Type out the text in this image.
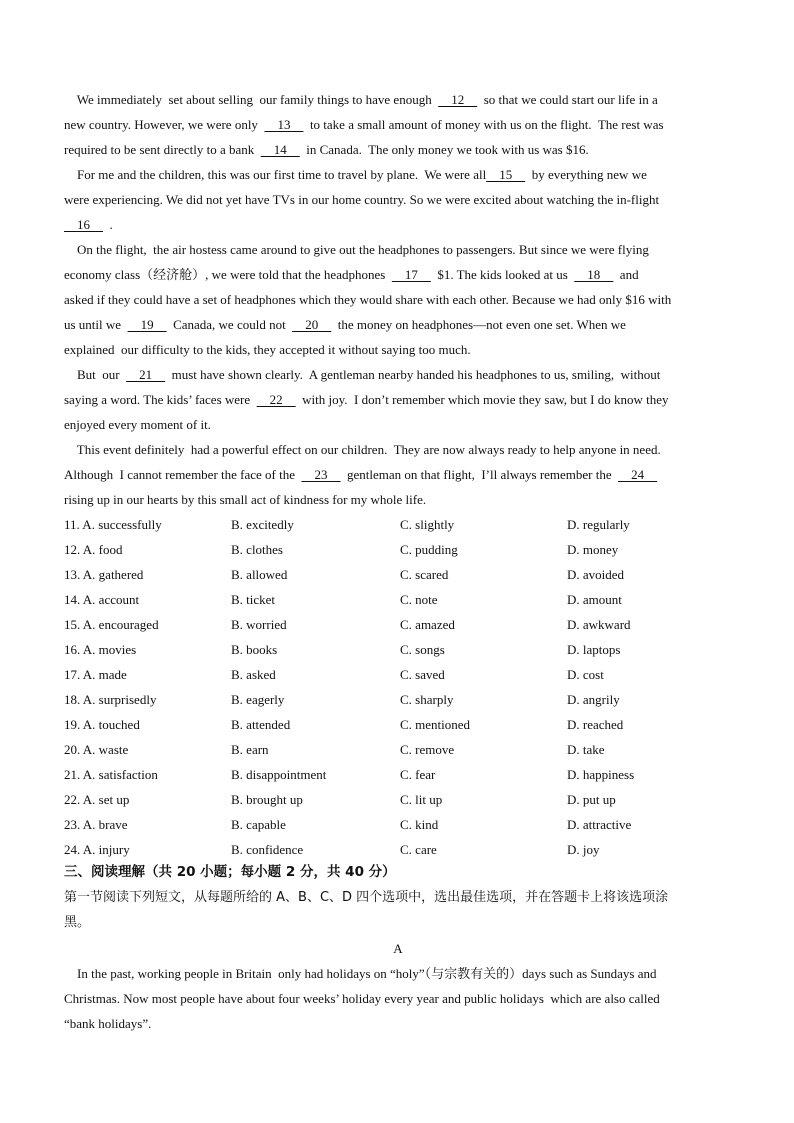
We immediately  set about selling  our family things to have enough    12    so that we could start our life in a
new country. However, we were only    13    to take a small amount of money with us on the flight.  The rest was
required to be sent directly to a bank    14    in Canada.  The only money we took with us was $16.
For me and the children, this was our first time to travel by plane.  We were all  15    by everything new we
were experiencing. We did not yet have TVs in our home country. So we were excited about watching the in-flight      
  16    .
On the flight,  the air hostess came around to give out the headphones to passengers. But since we were flying
economy class（经济舱）, we were told that the headphones    17    $1. The kids looked at us    18    and
asked if they could have a set of headphones which they would share with each other. Because we had only $16 with
us until we    19    Canada, we could not    20    the money on headphones—not even one set. When we
explained  our difficulty to the kids, they accepted it without saying too much.
But  our    21    must have shown clearly.  A gentleman nearby handed his headphones to us, smiling,  without
saying a word. The kids’ faces were    22    with joy.  I don’t remember which movie they saw, but I do know they
enjoyed every moment of it.
This event definitely  had a powerful effect on our children.  They are now always ready to help anyone in need.
Although  I cannot remember the face of the    23    gentleman on that flight,  I’ll always remember the    24  
rising up in our hearts by this small act of kindness for my whole life.
11. A. successfully	B. excitedly	C. slightly	D. regularly
12. A. food	B. clothes	C. pudding	D. money
13. A. gathered	B. allowed	C. scared	D. avoided
14. A. account	B. ticket	C. note	D. amount
15. A. encouraged	B. worried	C. amazed	D. awkward
16. A. movies	B. books	C. songs	D. laptops
17. A. made	B. asked	C. saved	D. cost
18. A. surprisedly	B. eagerly	C. sharply	D. angrily
19. A. touched	B. attended	C. mentioned	D. reached
20. A. waste	B. earn	C. remove	D. take
21. A. satisfaction	B. disappointment	C. fear	D. happiness
22. A. set up	B. brought up	C. lit up	D. put up
23. A. brave	B. capable	C. kind	D. attractive
24. A. injury	B. confidence	C. care	D. joy
三、阅读理解（共 20 小题；每小题 2 分，共 40 分）
第一节阅读下列短文，从每题所给的 A、B、C、D 四个选项中，选出最佳选项，并在答题卡上将该选项涂
黑。
A
In the past, working people in Britain  only had holidays on “holy”（与宗教有关的）days such as Sundays and
Christmas. Now most people have about four weeks’ holiday every year and public holidays  which are also called
“bank holidays”.
